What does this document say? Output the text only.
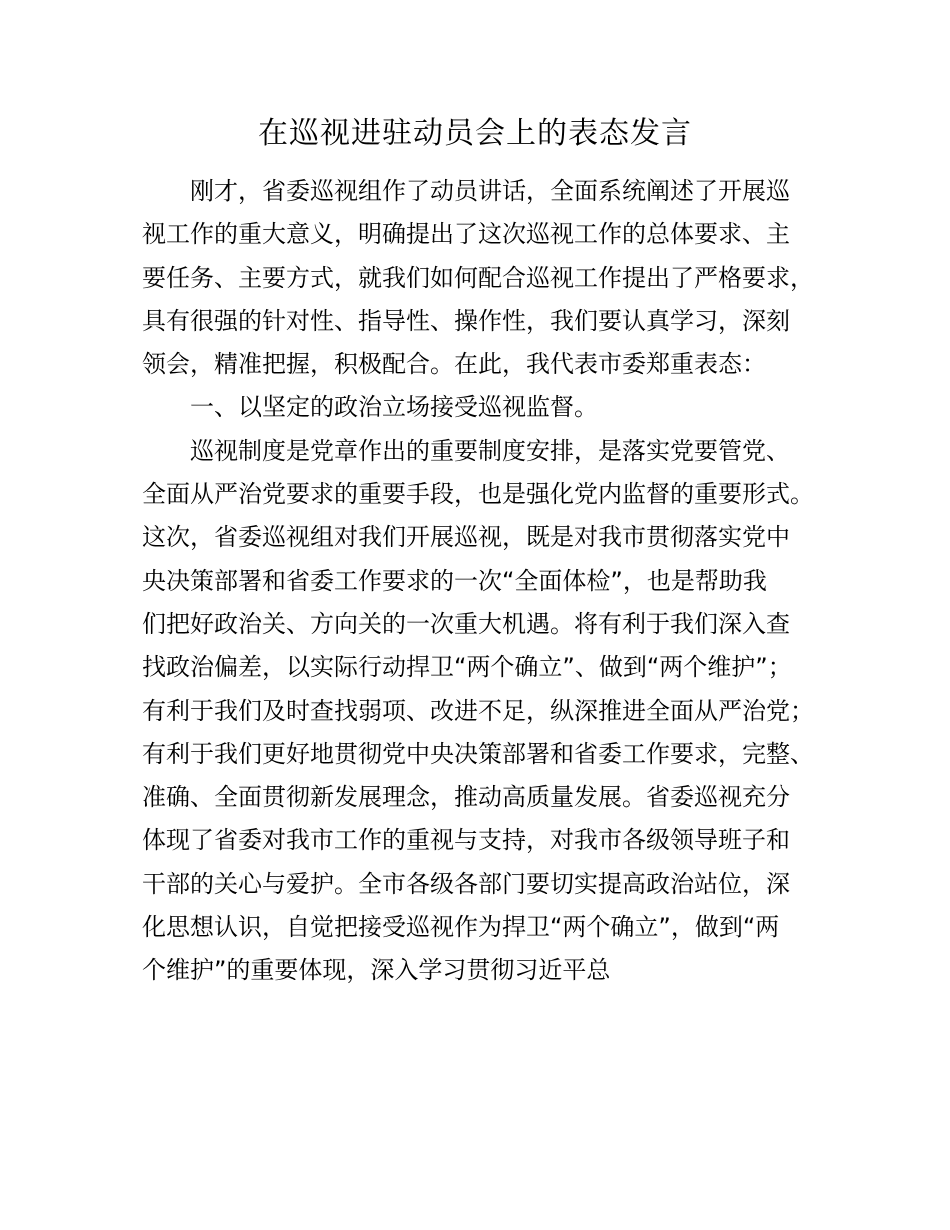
在巡视进驻动员会上的表态发言
刚才，省委巡视组作了动员讲话，全面系统阐述了开展巡
视工作的重大意义，明确提出了这次巡视工作的总体要求、主
要任务、主要方式，就我们如何配合巡视工作提出了严格要求，
具有很强的针对性、指导性、操作性，我们要认真学习，深刻
领会，精准把握，积极配合。在此，我代表市委郑重表态：
一、以坚定的政治立场接受巡视监督。
巡视制度是党章作出的重要制度安排，是落实党要管党、
全面从严治党要求的重要手段，也是强化党内监督的重要形式。
这次，省委巡视组对我们开展巡视，既是对我市贯彻落实党中
央决策部署和省委工作要求的一次“全面体检”，也是帮助我
们把好政治关、方向关的一次重大机遇。将有利于我们深入查
找政治偏差，以实际行动捍卫“两个确立”、做到“两个维护”；
有利于我们及时查找弱项、改进不足，纵深推进全面从严治党；
有利于我们更好地贯彻党中央决策部署和省委工作要求，完整、
准确、全面贯彻新发展理念，推动高质量发展。省委巡视充分
体现了省委对我市工作的重视与支持，对我市各级领导班子和
干部的关心与爱护。全市各级各部门要切实提高政治站位，深
化思想认识，自觉把接受巡视作为捍卫“两个确立”，做到“两
个维护”的重要体现，深入学习贯彻习近平总
